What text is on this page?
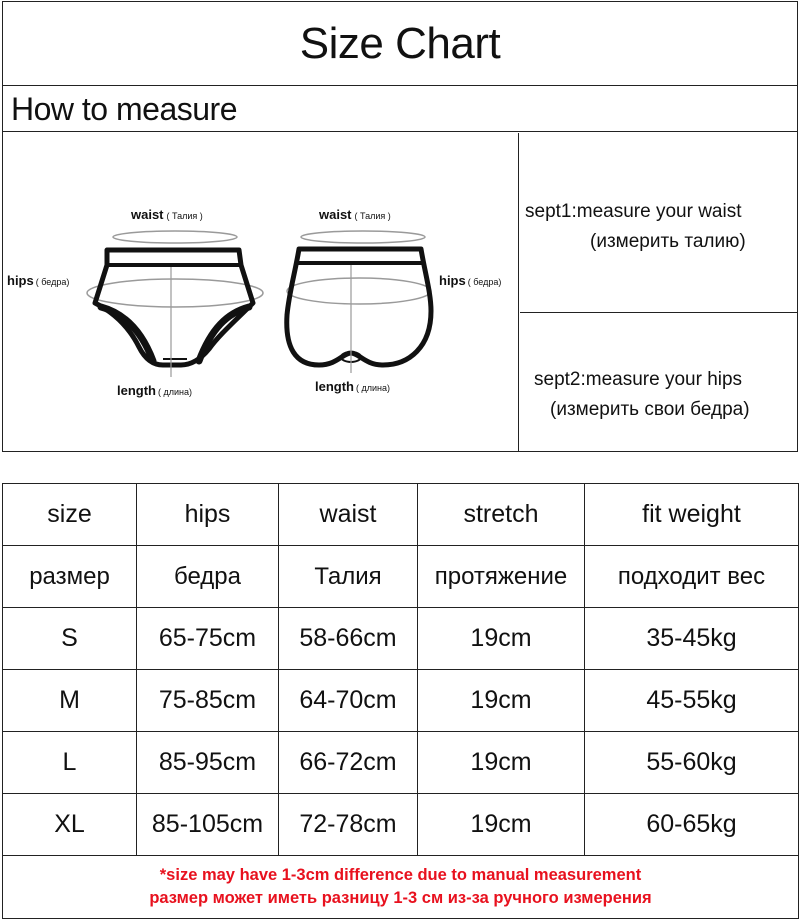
Size Chart
How to measure
waist ( Талия )
hips ( бедра)
length ( длина)
waist ( Талия )
hips ( бедра)
length ( длина)
sept1:measure your waist
(измерить талию)
sept2:measure your hips
(измерить свои бедра)
size	hips	waist	stretch	fit weight
размер	бедра	Талия	протяжение	подходит вес
S	65-75cm	58-66cm	19cm	35-45kg
M	75-85cm	64-70cm	19cm	45-55kg
L	85-95cm	66-72cm	19cm	55-60kg
XL	85-105cm	72-78cm	19cm	60-65kg

*size may have 1-3cm difference due to manual measurement
размер может иметь разницу 1-3 см из-за ручного измерения				
